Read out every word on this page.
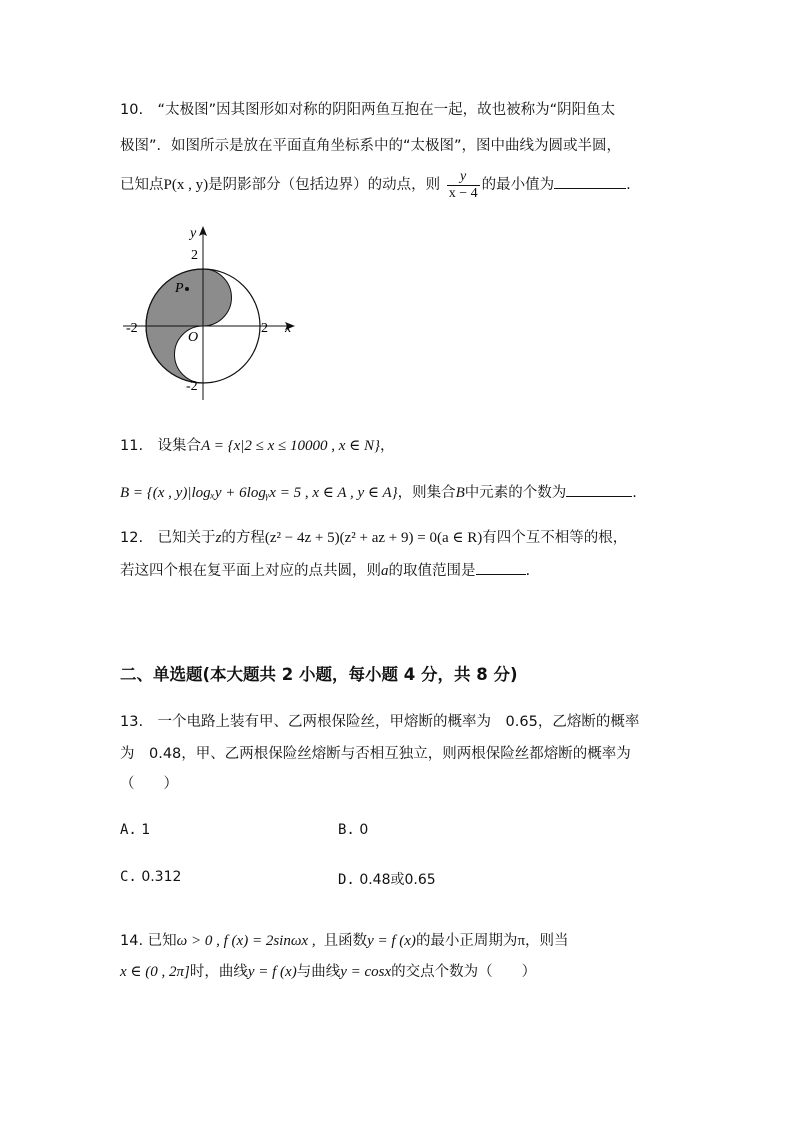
10.　“太极图”因其图形如对称的阴阳两鱼互抱在一起，故也被称为“阴阳鱼太
极图”．如图所示是放在平面直角坐标系中的“太极图”，图中曲线为圆或半圆，
已知点P(x , y)是阴影部分（包括边界）的动点，则 $\frac{y}{x - 4}$ 的最小值为	.
P
y
x
O
2
-2
-2	2
11.　设集合A = {x|2 ≤ x ≤ 10000 , x ∈ N}，
B = {(x , y)|logₓy + 6logᵧx = 5 , x ∈ A , y ∈ A}，则集合B中元素的个数为	.
12.　已知关于z的方程(z² − 4z + 5)(z² + az + 9) = 0(a ∈ R)有四个互不相等的根，
若这四个根在复平面上对应的点共圆，则a的取值范围是	.
二、单选题(本大题共 2 小题，每小题 4 分，共 8 分)
13.　一个电路上装有甲、乙两根保险丝，甲熔断的概率为　0.65，乙熔断的概率
为　0.48，甲、乙两根保险丝熔断与否相互独立，则两根保险丝都熔断的概率为
（　　）
A. 1	B. 0
C. 0.312	D. 0.48或0.65
14. 已知ω > 0 , f (x) = 2sinωx , 且函数y = f (x)的最小正周期为π，则当
x ∈ (0 , 2π]时，曲线y = f (x)与曲线y = cosx的交点个数为（　　）
